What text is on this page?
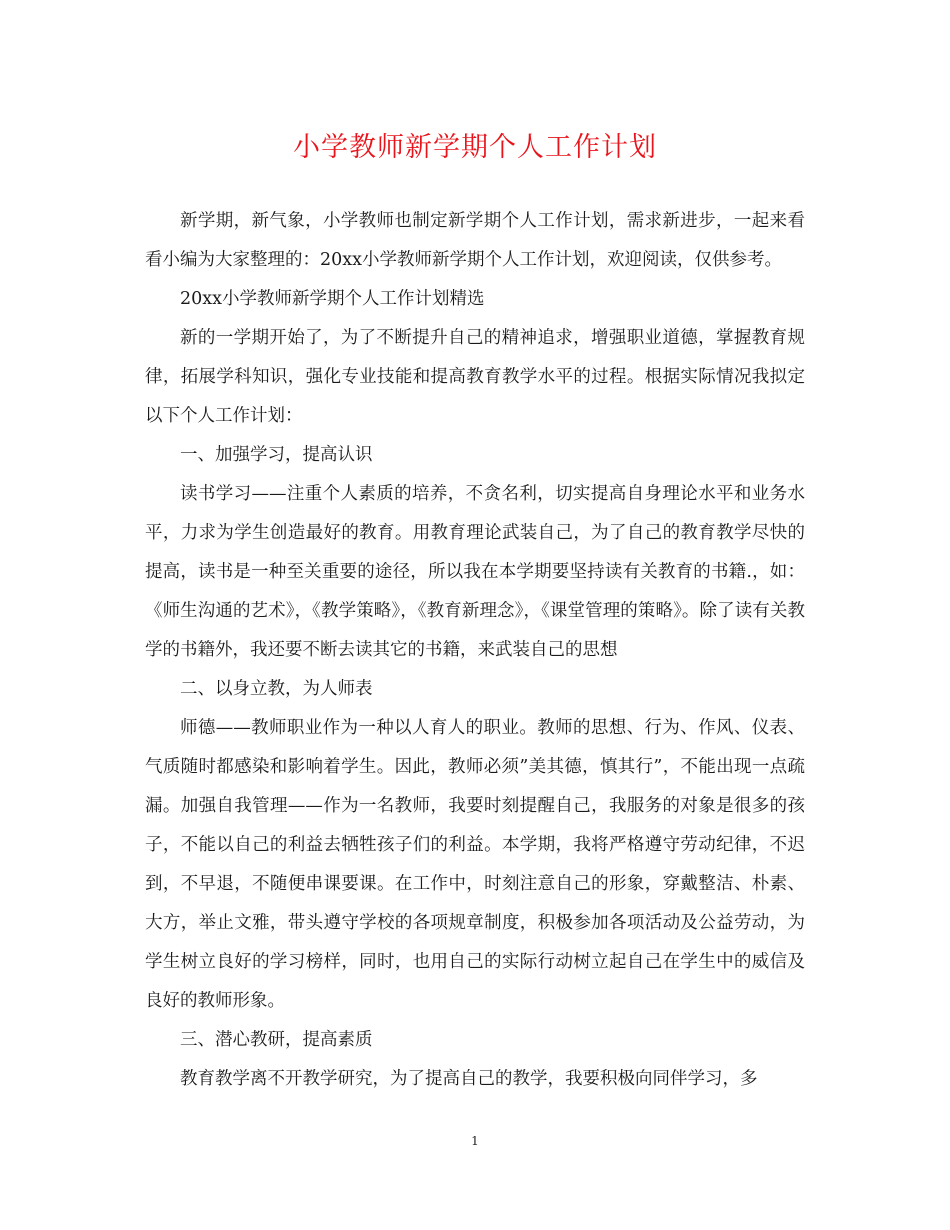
小学教师新学期个人工作计划

新学期，新气象，小学教师也制定新学期个人工作计划，需求新进步，一起来看看小编为大家整理的：20xx小学教师新学期个人工作计划，欢迎阅读，仅供参考。

20xx小学教师新学期个人工作计划精选

新的一学期开始了，为了不断提升自己的精神追求，增强职业道德，掌握教育规律，拓展学科知识，强化专业技能和提高教育教学水平的过程。根据实际情况我拟定以下个人工作计划：

一、加强学习，提高认识

读书学习——注重个人素质的培养，不贪名利，切实提高自身理论水平和业务水平，力求为学生创造最好的教育。用教育理论武装自己，为了自己的教育教学尽快的提高，读书是一种至关重要的途径，所以我在本学期要坚持读有关教育的书籍.，如：《师生沟通的艺术》，《教学策略》，《教育新理念》，《课堂管理的策略》。除了读有关教学的书籍外，我还要不断去读其它的书籍，来武装自己的思想

二、以身立教，为人师表

师德——教师职业作为一种以人育人的职业。教师的思想、行为、作风、仪表、气质随时都感染和影响着学生。因此，教师必须”美其德，慎其行”，不能出现一点疏漏。加强自我管理——作为一名教师，我要时刻提醒自己，我服务的对象是很多的孩子，不能以自己的利益去牺牲孩子们的利益。本学期，我将严格遵守劳动纪律，不迟到，不早退，不随便串课要课。在工作中，时刻注意自己的形象，穿戴整洁、朴素、大方，举止文雅，带头遵守学校的各项规章制度，积极参加各项活动及公益劳动，为学生树立良好的学习榜样，同时，也用自己的实际行动树立起自己在学生中的威信及良好的教师形象。

三、潜心教研，提高素质

教育教学离不开教学研究，为了提高自己的教学，我要积极向同伴学习，多

1
